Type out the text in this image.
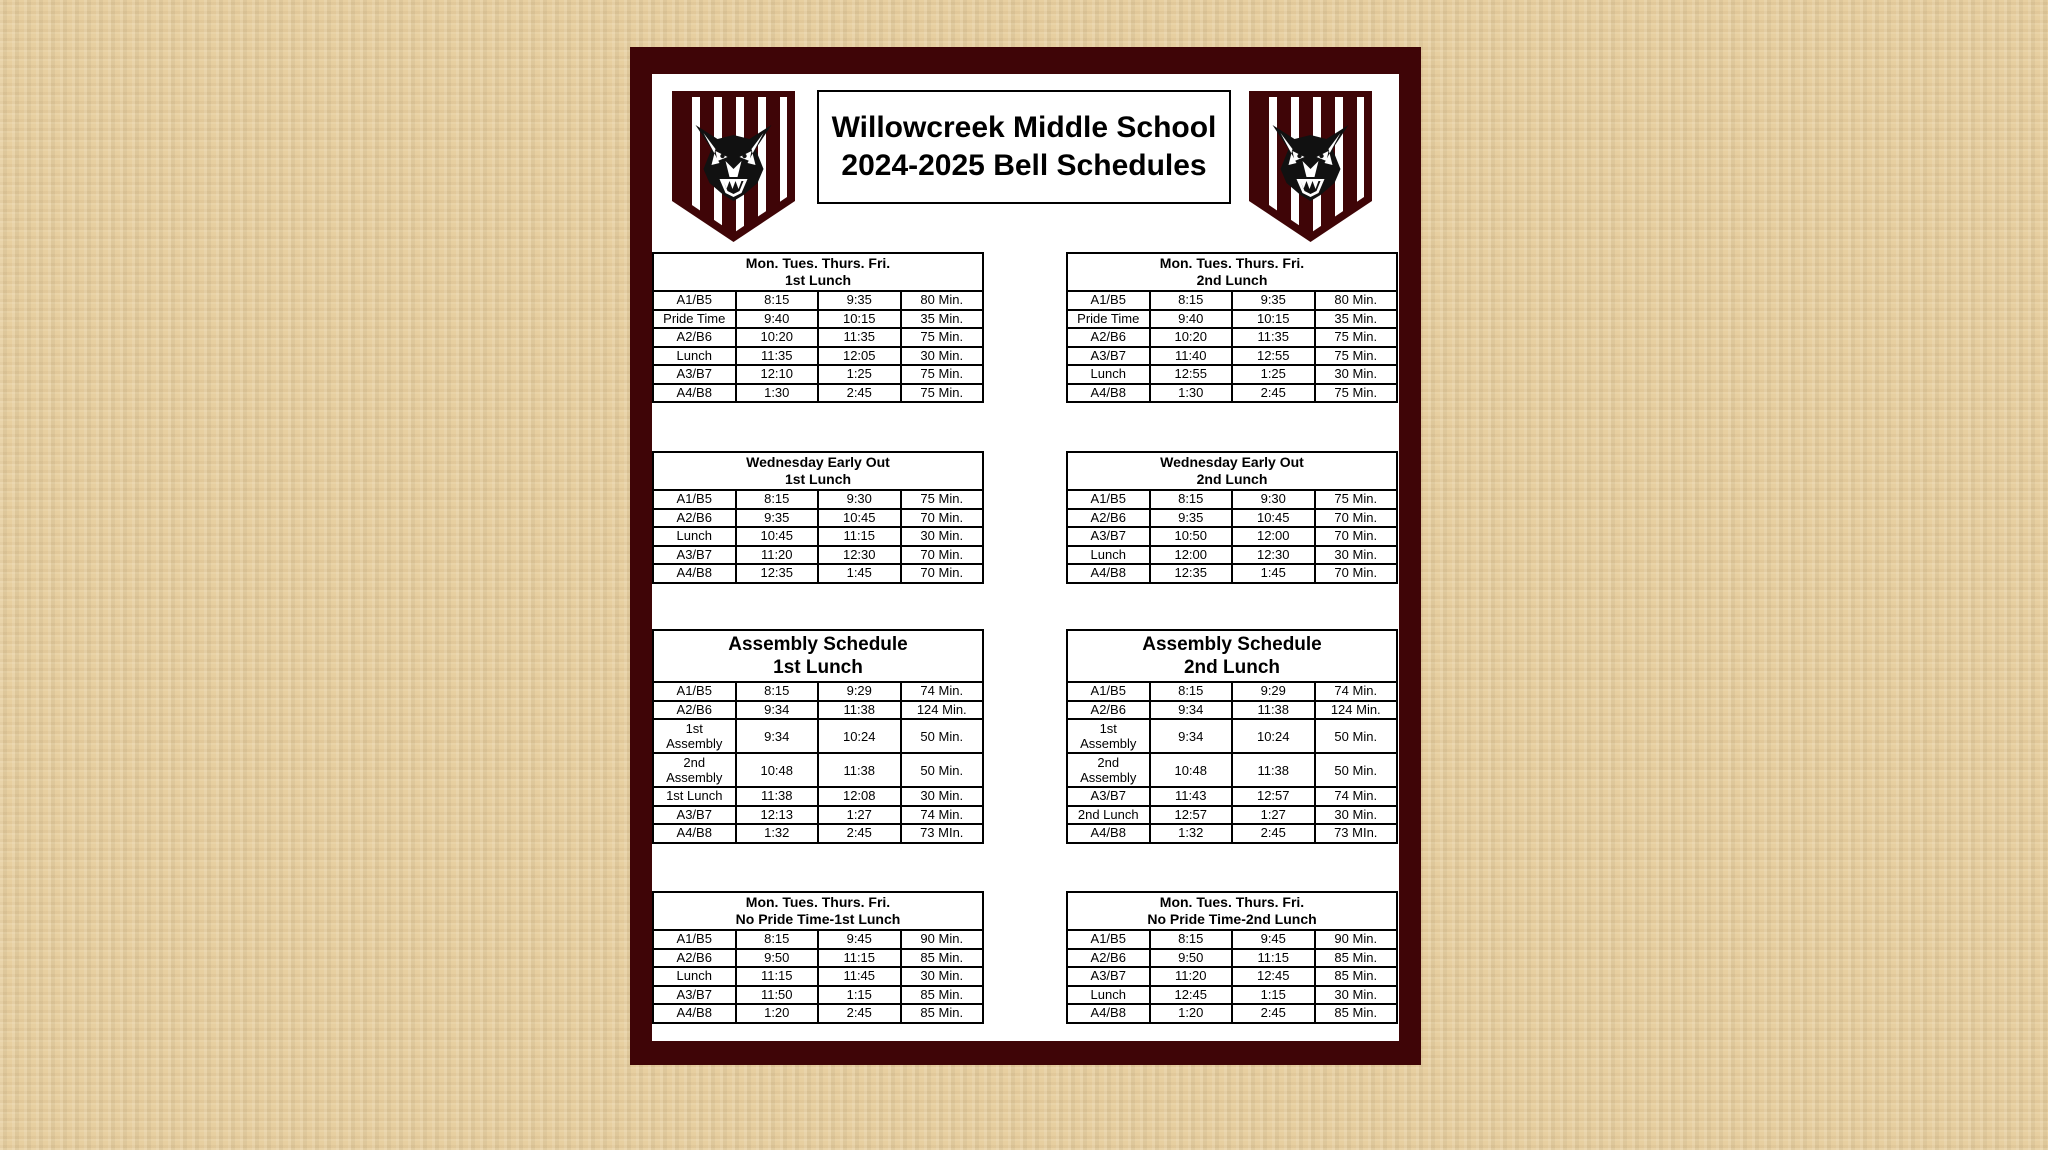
Willowcreek Middle School
2024-2025 Bell Schedules
Mon. Tues. Thurs. Fri.
1st Lunch			

A1/B5	8:15	9:35	80 Min.
Pride Time	9:40	10:15	35 Min.
A2/B6	10:20	11:35	75 Min.
Lunch	11:35	12:05	30 Min.
A3/B7	12:10	1:25	75 Min.
A4/B8	1:30	2:45	75 Min.
Mon. Tues. Thurs. Fri.
2nd Lunch			

A1/B5	8:15	9:35	80 Min.
Pride Time	9:40	10:15	35 Min.
A2/B6	10:20	11:35	75 Min.
A3/B7	11:40	12:55	75 Min.
Lunch	12:55	1:25	30 Min.
A4/B8	1:30	2:45	75 Min.
Wednesday Early Out
1st Lunch			

A1/B5	8:15	9:30	75 Min.
A2/B6	9:35	10:45	70 Min.
Lunch	10:45	11:15	30 Min.
A3/B7	11:20	12:30	70 Min.
A4/B8	12:35	1:45	70 Min.
Wednesday Early Out
2nd Lunch			

A1/B5	8:15	9:30	75 Min.
A2/B6	9:35	10:45	70 Min.
A3/B7	10:50	12:00	70 Min.
Lunch	12:00	12:30	30 Min.
A4/B8	12:35	1:45	70 Min.
Assembly Schedule
1st Lunch			

A1/B5	8:15	9:29	74 Min.
A2/B6	9:34	11:38	124 Min.
1st
Assembly	9:34	10:24	50 Min.
2nd
Assembly	10:48	11:38	50 Min.
1st Lunch	11:38	12:08	30 Min.
A3/B7	12:13	1:27	74 Min.
A4/B8	1:32	2:45	73 MIn.
Assembly Schedule
2nd Lunch			

A1/B5	8:15	9:29	74 Min.
A2/B6	9:34	11:38	124 Min.
1st
Assembly	9:34	10:24	50 Min.
2nd
Assembly	10:48	11:38	50 Min.
A3/B7	11:43	12:57	74 Min.
2nd Lunch	12:57	1:27	30 Min.
A4/B8	1:32	2:45	73 MIn.
Mon. Tues. Thurs. Fri.
No Pride Time-1st Lunch			

A1/B5	8:15	9:45	90 Min.
A2/B6	9:50	11:15	85 Min.
Lunch	11:15	11:45	30 Min.
A3/B7	11:50	1:15	85 Min.
A4/B8	1:20	2:45	85 Min.
Mon. Tues. Thurs. Fri.
No Pride Time-2nd Lunch			

A1/B5	8:15	9:45	90 Min.
A2/B6	9:50	11:15	85 Min.
A3/B7	11:20	12:45	85 Min.
Lunch	12:45	1:15	30 Min.
A4/B8	1:20	2:45	85 Min.
